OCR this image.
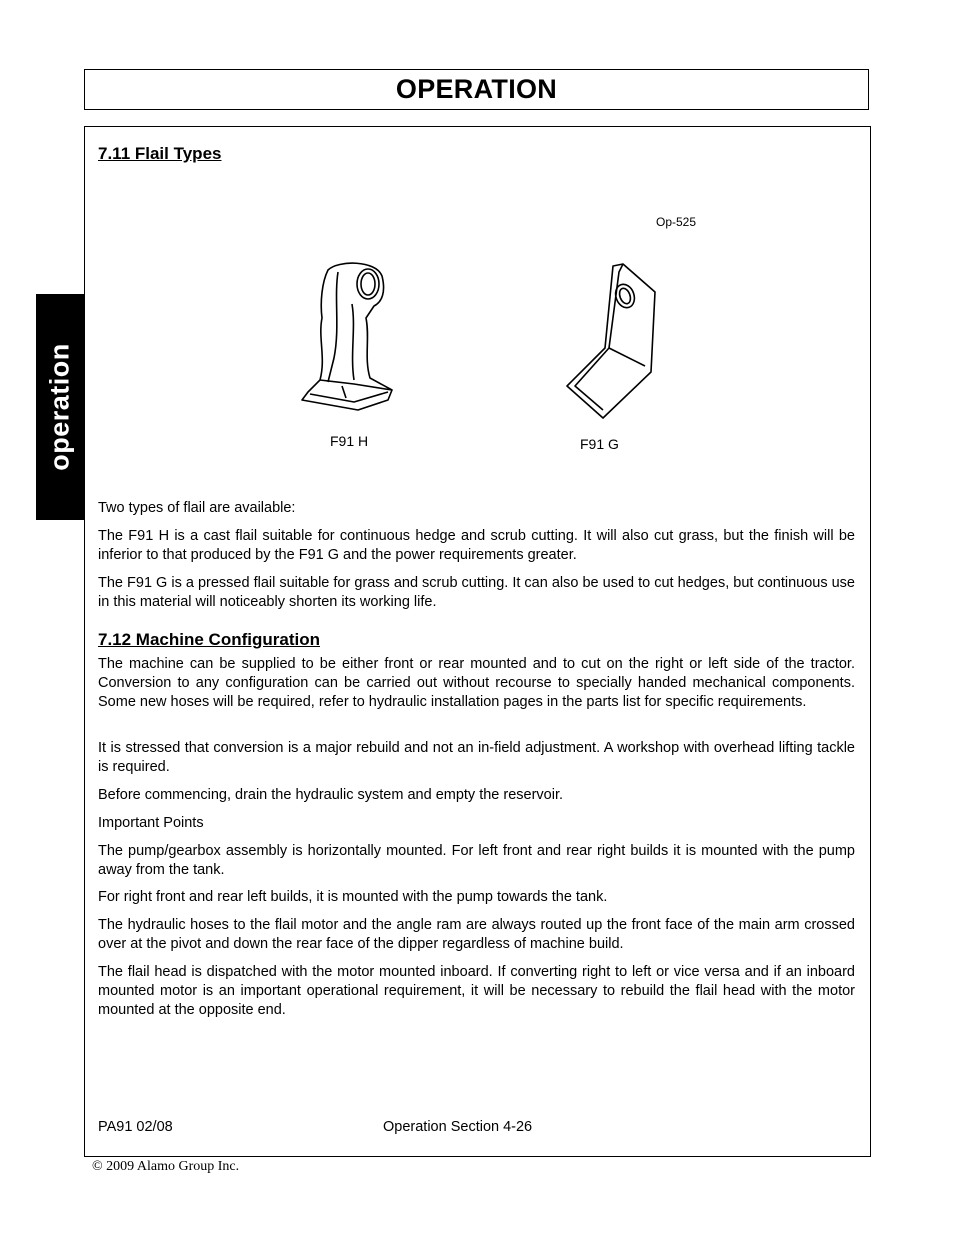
OPERATION
operation
7.11 Flail Types
Op-525
F91 H	F91 G

Two types of flail are available:

The F91 H is a cast flail suitable for continuous hedge and scrub cutting. It will also cut grass, but the finish will be inferior to that produced by the F91 G and the power requirements greater.

The F91 G is a pressed flail suitable for grass and scrub cutting. It can also be used to cut hedges, but continuous use in this material will noticeably shorten its working life.

7.12 Machine Configuration

The machine can be supplied to be either front or rear mounted and to cut on the right or left side of the tractor. Conversion to any configuration can be carried out without recourse to specially handed mechanical components. Some new hoses will be required, refer to hydraulic installation pages in the parts list for specific requirements.

It is stressed that conversion is a major rebuild and not an in-field adjustment. A workshop with overhead lifting tackle is required.

Before commencing, drain the hydraulic system and empty the reservoir.

Important Points

The pump/gearbox assembly is horizontally mounted. For left front and rear right builds it is mounted with the pump away from the tank.

For right front and rear left builds, it is mounted with the pump towards the tank.

The hydraulic hoses to the flail motor and the angle ram are always routed up the front face of the main arm crossed over at the pivot and down the rear face of the dipper regardless of machine build.

The flail head is dispatched with the motor mounted inboard. If converting right to left or vice versa and if an inboard mounted motor is an important operational requirement, it will be necessary to rebuild the flail head with the motor mounted at the opposite end.

PA91 02/08	Operation Section 4-26
© 2009 Alamo Group Inc.
